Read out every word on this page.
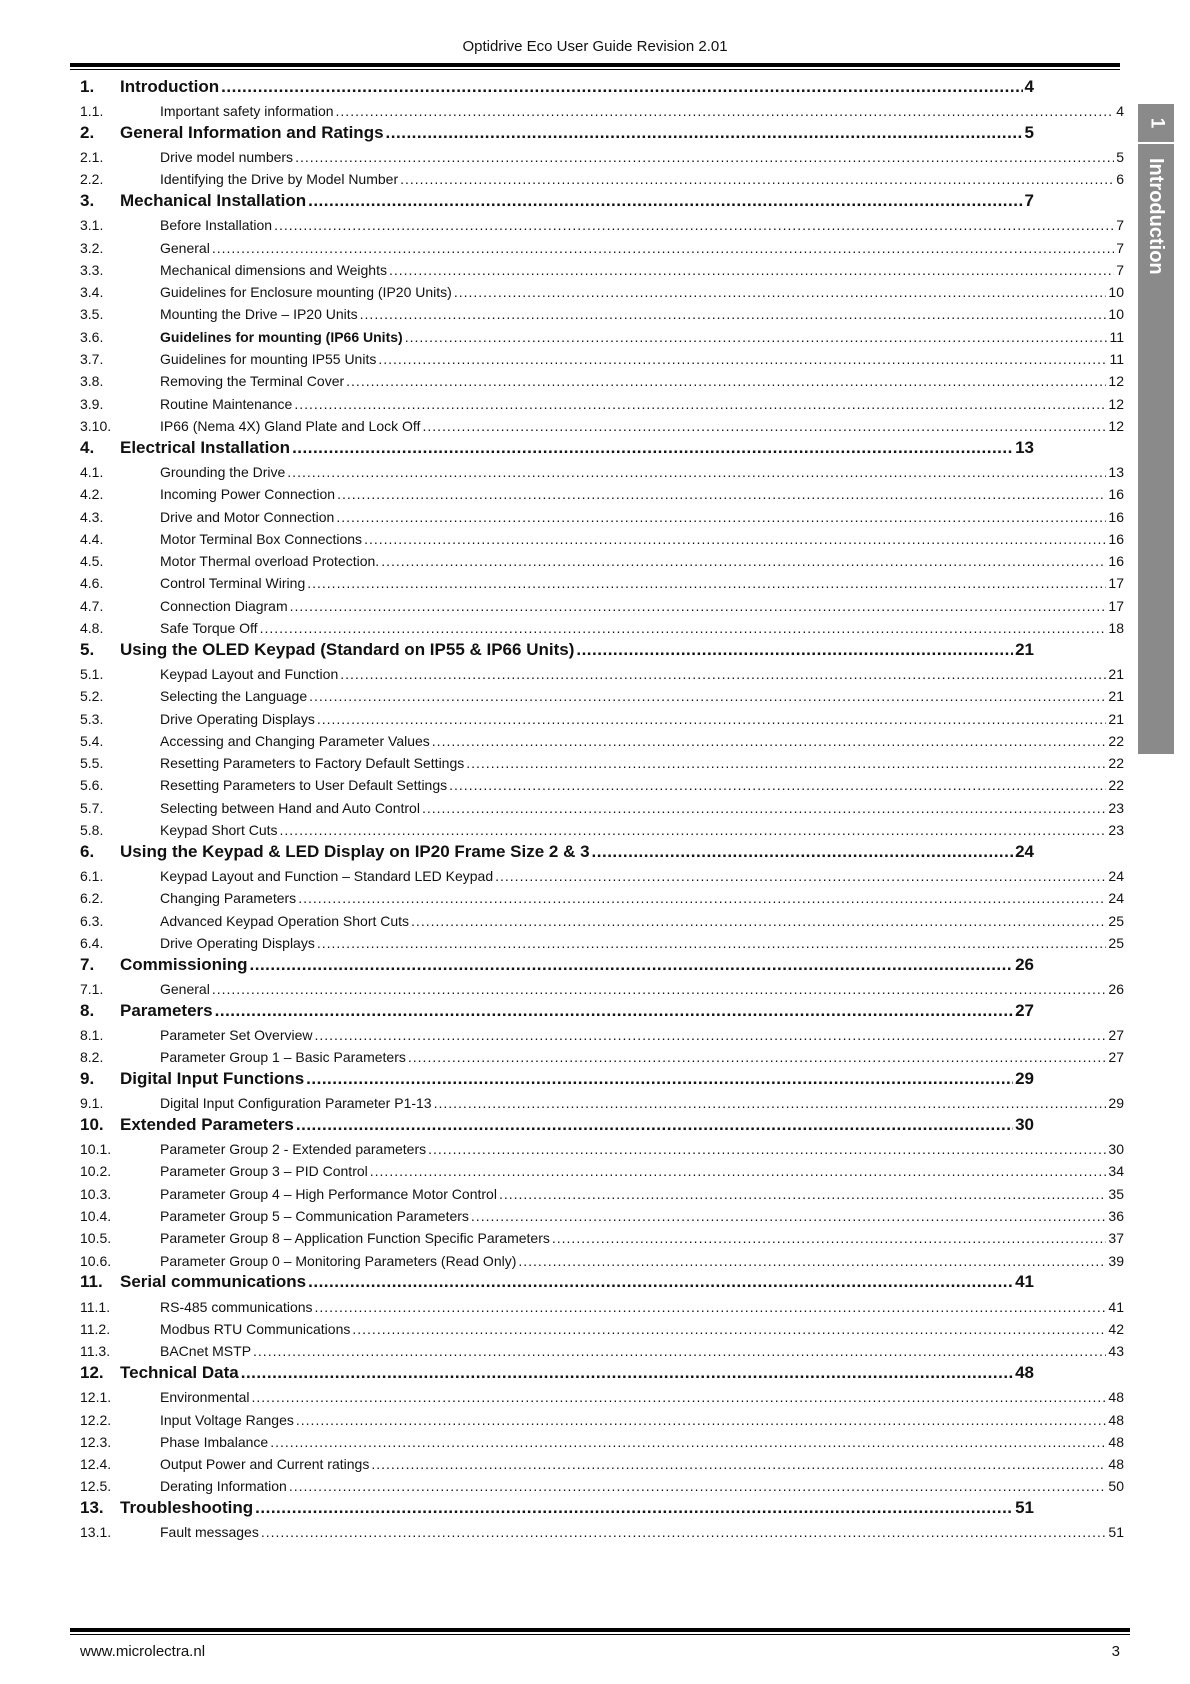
Optidrive Eco User Guide Revision 2.01
1.	Introduction .....	4
1.1.	Important safety information .....	4
2.	General Information and Ratings .....	5
2.1.	Drive model numbers .....	5
2.2.	Identifying the Drive by Model Number .....	6
3.	Mechanical Installation .....	7
3.1.	Before Installation .....	7
3.2.	General .....	7
3.3.	Mechanical dimensions and Weights .....	7
3.4.	Guidelines for Enclosure mounting (IP20 Units) .....	10
3.5.	Mounting the Drive – IP20 Units .....	10
3.6.	Guidelines for mounting (IP66 Units) .....	11
3.7.	Guidelines for mounting IP55 Units .....	11
3.8.	Removing the Terminal Cover .....	12
3.9.	Routine Maintenance .....	12
3.10.	IP66 (Nema 4X) Gland Plate and Lock Off .....	12
4.	Electrical Installation .....	13
4.1.	Grounding the Drive .....	13
4.2.	Incoming Power Connection .....	16
4.3.	Drive and Motor Connection .....	16
4.4.	Motor Terminal Box Connections .....	16
4.5.	Motor Thermal overload Protection. .....	16
4.6.	Control Terminal Wiring .....	17
4.7.	Connection Diagram .....	17
4.8.	Safe Torque Off .....	18
5.	Using the OLED Keypad (Standard on IP55 & IP66 Units) .....	21
5.1.	Keypad Layout and Function .....	21
5.2.	Selecting the Language .....	21
5.3.	Drive Operating Displays .....	21
5.4.	Accessing and Changing Parameter Values .....	22
5.5.	Resetting Parameters to Factory Default Settings .....	22
5.6.	Resetting Parameters to User Default Settings .....	22
5.7.	Selecting between Hand and Auto Control .....	23
5.8.	Keypad Short Cuts .....	23
6.	Using the Keypad & LED Display on IP20 Frame Size 2 & 3 .....	24
6.1.	Keypad Layout and Function – Standard LED Keypad .....	24
6.2.	Changing Parameters .....	24
6.3.	Advanced Keypad Operation Short Cuts .....	25
6.4.	Drive Operating Displays .....	25
7.	Commissioning .....	26
7.1.	General .....	26
8.	Parameters .....	27
8.1.	Parameter Set Overview .....	27
8.2.	Parameter Group 1 – Basic Parameters .....	27
9.	Digital Input Functions .....	29
9.1.	Digital Input Configuration Parameter P1-13 .....	29
10. Extended Parameters .....	30
10.1.	Parameter Group 2 - Extended parameters .....	30
10.2.	Parameter Group 3 – PID Control .....	34
10.3.	Parameter Group 4 – High Performance Motor Control .....	35
10.4.	Parameter Group 5 – Communication Parameters .....	36
10.5.	Parameter Group 8 – Application Function Specific Parameters .....	37
10.6.	Parameter Group 0 – Monitoring Parameters (Read Only) .....	39
11.	Serial communications .....	41
11.1.	RS-485 communications .....	41
11.2.	Modbus RTU Communications .....	42
11.3.	BACnet MSTP .....	43
12. Technical Data .....	48
12.1.	Environmental .....	48
12.2.	Input Voltage Ranges .....	48
12.3.	Phase Imbalance .....	48
12.4.	Output Power and Current ratings .....	48
12.5.	Derating Information .....	50
13. Troubleshooting .....	51
13.1.	Fault messages .....	51
1
Introduction
www.microlectra.nl	3
